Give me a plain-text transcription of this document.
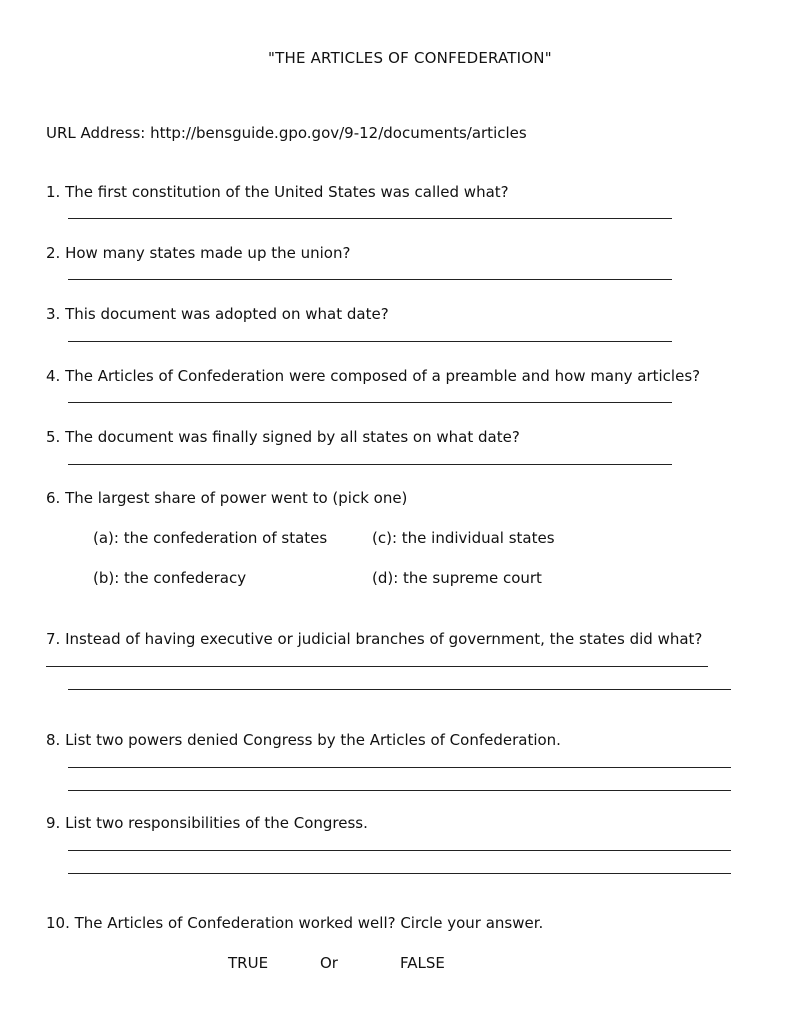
"THE ARTICLES OF CONFEDERATION"
URL Address: http://bensguide.gpo.gov/9-12/documents/articles
1. The first constitution of the United States was called what?
2. How many states made up the union?
3. This document was adopted on what date?
4. The Articles of Confederation were composed of a preamble and how many articles?
5. The document was finally signed by all states on what date?
6. The largest share of power went to (pick one)
(a): the confederation of states	(c): the individual states
(b): the confederacy	(d): the supreme court
7. Instead of having executive or judicial branches of government, the states did what?
8. List two powers denied Congress by the Articles of Confederation.
9. List two responsibilities of the Congress.
10. The Articles of Confederation worked well? Circle your answer.
TRUE	Or	FALSE
